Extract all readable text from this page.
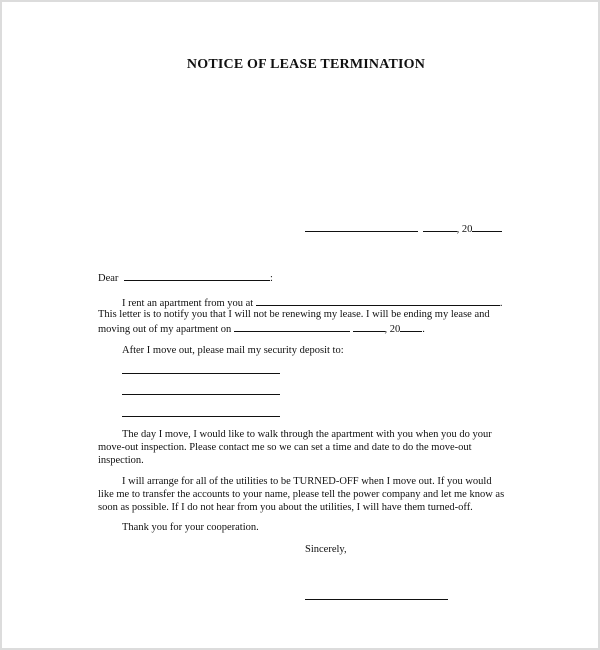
NOTICE OF LEASE TERMINATION
, 20
Dear	:
I rent an apartment from you at	.
This letter is to notify you that I will not be renewing my lease. I will be ending my lease and
moving out of my apartment on	, 20 .
After I move out, please mail my security deposit to:
The day I move, I would like to walk through the apartment with you when you do your
move-out inspection. Please contact me so we can set a time and date to do the move-out
inspection.
I will arrange for all of the utilities to be TURNED-OFF when I move out. If you would
like me to transfer the accounts to your name, please tell the power company and let me know as
soon as possible. If I do not hear from you about the utilities, I will have them turned-off.
Thank you for your cooperation.
Sincerely,
